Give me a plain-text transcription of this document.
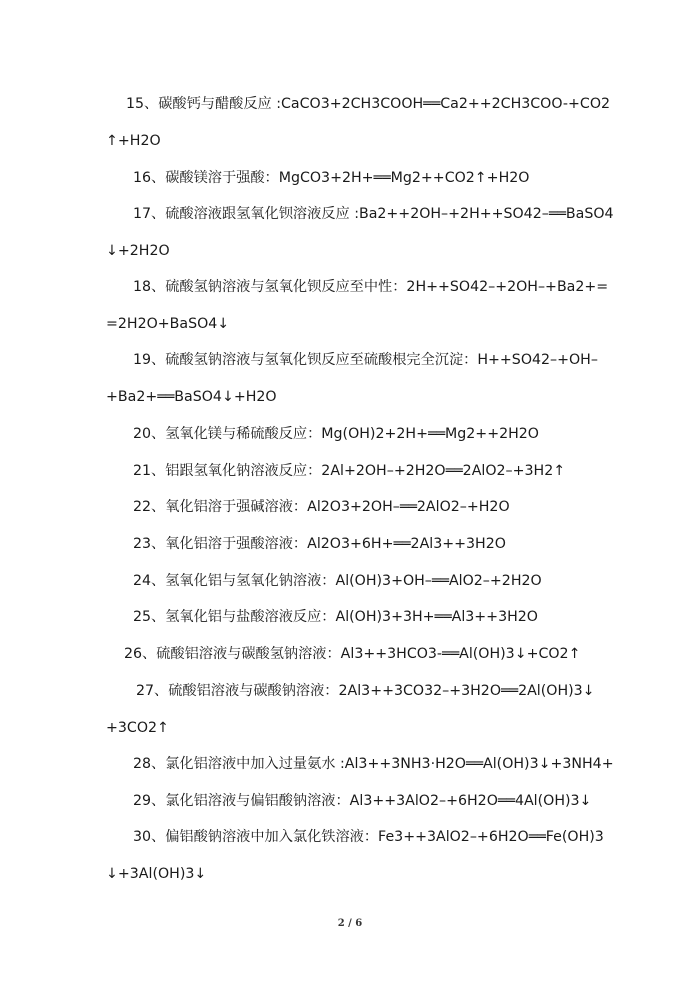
15、碳酸钙与醋酸反应 :CaCO3+2CH3COOH══Ca2++2CH3COO-+CO2
↑+H2O
16、碳酸镁溶于强酸：MgCO3+2H+══Mg2++CO2↑+H2O
17、硫酸溶液跟氢氧化钡溶液反应 :Ba2++2OH–+2H++SO42–══BaSO4
↓+2H2O
18、硫酸氢钠溶液与氢氧化钡反应至中性：2H++SO42–+2OH–+Ba2+=
=2H2O+BaSO4↓
19、硫酸氢钠溶液与氢氧化钡反应至硫酸根完全沉淀：H++SO42–+OH–
+Ba2+══BaSO4↓+H2O
20、氢氧化镁与稀硫酸反应：Mg(OH)2+2H+══Mg2++2H2O
21、铝跟氢氧化钠溶液反应：2Al+2OH–+2H2O══2AlO2–+3H2↑
22、氧化铝溶于强碱溶液：Al2O3+2OH–══2AlO2–+H2O
23、氧化铝溶于强酸溶液：Al2O3+6H+══2Al3++3H2O
24、氢氧化铝与氢氧化钠溶液：Al(OH)3+OH–══AlO2–+2H2O
25、氢氧化铝与盐酸溶液反应：Al(OH)3+3H+══Al3++3H2O
26、硫酸铝溶液与碳酸氢钠溶液：Al3++3HCO3-══Al(OH)3↓+CO2↑
27、硫酸铝溶液与碳酸钠溶液：2Al3++3CO32–+3H2O══2Al(OH)3↓
+3CO2↑
28、氯化铝溶液中加入过量氨水 :Al3++3NH3·H2O══Al(OH)3↓+3NH4+
29、氯化铝溶液与偏铝酸钠溶液：Al3++3AlO2–+6H2O══4Al(OH)3↓
30、偏铝酸钠溶液中加入氯化铁溶液：Fe3++3AlO2–+6H2O══Fe(OH)3
↓+3Al(OH)3↓
2 / 6
